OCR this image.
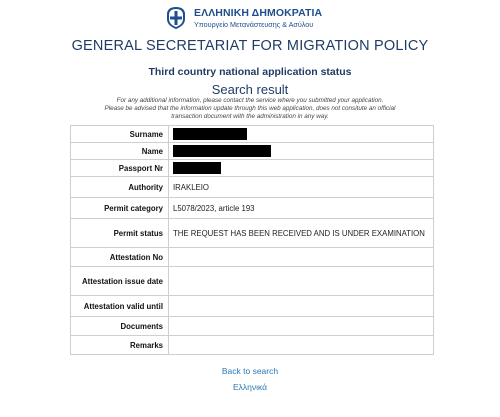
ΕΛΛΗΝΙΚΗ ΔΗΜΟΚΡΑΤΙΑ
Υπουργείο Μετανάστευσης & Ασύλου
GENERAL SECRETARIAT FOR MIGRATION POLICY
Third country national application status
Search result
For any additional information, please contact the service where you submitted your application.
Please be advised that the information update through this web application, does not consitute an official
transaction document with the administration in any way.
Surname	
Name	
Passport Nr	
Authority	IRAKLEIO
Permit category	L5078/2023, article 193
Permit status	THE REQUEST HAS BEEN RECEIVED AND IS UNDER EXAMINATION
Attestation No	
Attestation issue date	
Attestation valid until	
Documents	
Remarks	
Back to search
Ελληνικά
